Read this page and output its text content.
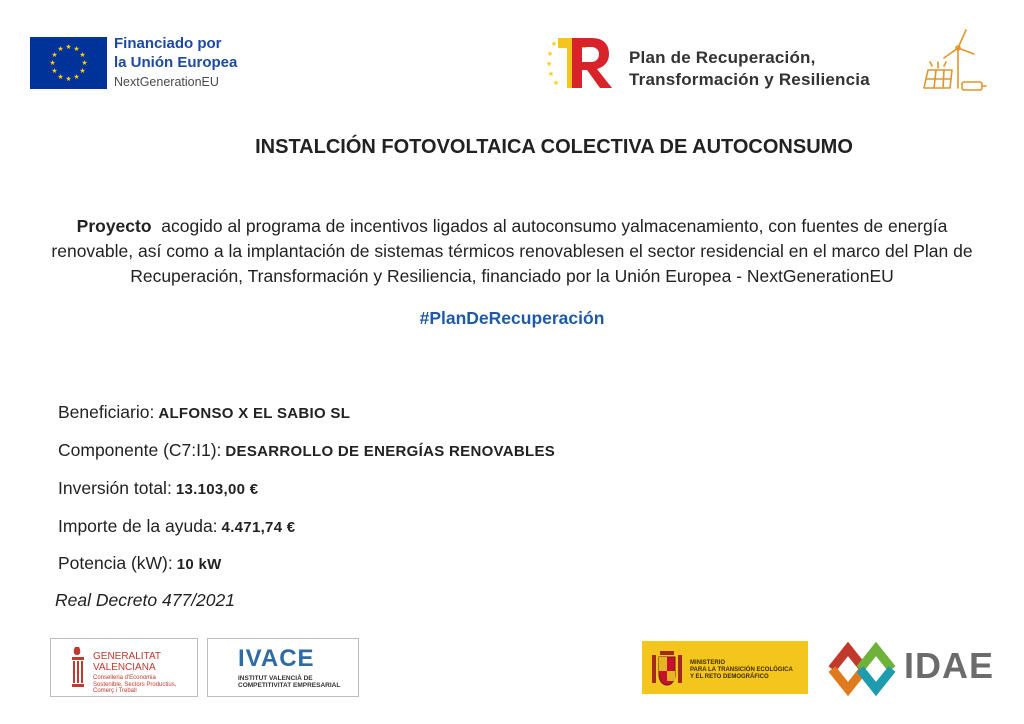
★ ★
★
★
★
★
★
★
★
★
★
★	Financiado por
la Unión Europea
NextGenerationEU
★
★
★
★
★
Plan de Recuperación,
Transformación y Resiliencia
INSTALCIÓN FOTOVOLTAICA COLECTIVA DE AUTOCONSUMO
Proyecto acogido al programa de incentivos ligados al autoconsumo yalmacenamiento, con fuentes de energía renovable, así como a la implantación de sistemas térmicos renovablesen el sector residencial en el marco del Plan de Recuperación, Transformación y Resiliencia, financiado por la Unión Europea - NextGenerationEU
#PlanDeRecuperación
Beneficiario: ALFONSO X EL SABIO SL
Componente (C7:I1): DESARROLLO DE ENERGÍAS RENOVABLES
Inversión total: 13.103,00 €
Importe de la ayuda: 4.471,74 €
Potencia (kW): 10 kW
Real Decreto 477/2021
GENERALITAT
VALENCIANA
Conselleria d'Economia
Sostenible, Sectors Productius,
Comerç i Treball
IVACE
INSTITUT VALENCIÀ DE
COMPETITIVITAT EMPRESARIAL
MINISTERIO
PARA LA TRANSICIÓN ECOLÓGICA
Y EL RETO DEMOGRÁFICO	IDAE
